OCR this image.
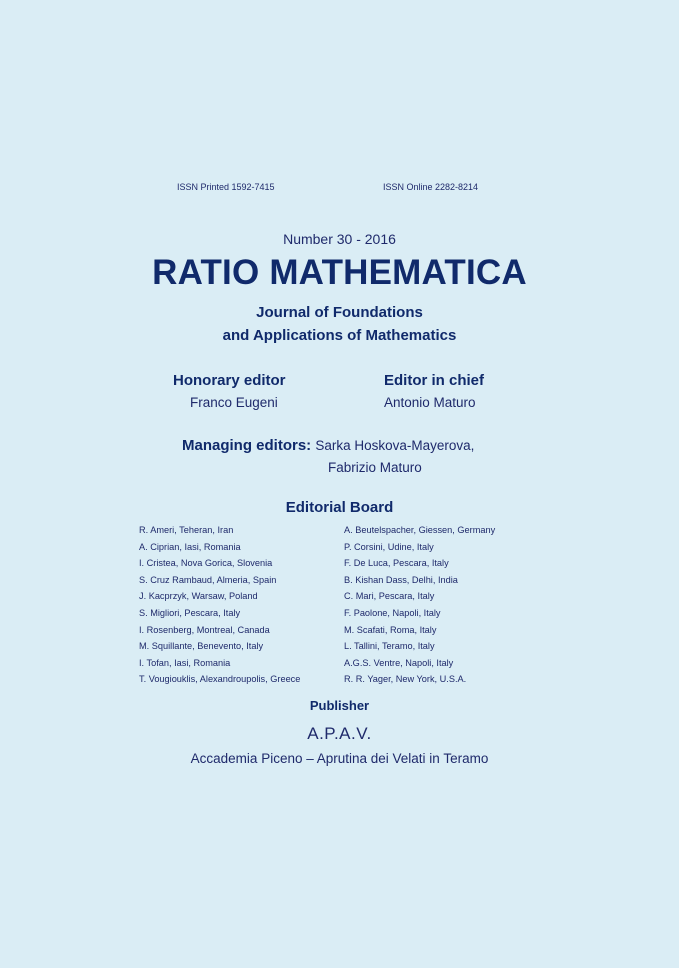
ISSN Printed 1592-7415	ISSN Online 2282-8214
Number 30 - 2016
RATIO MATHEMATICA
Journal of Foundations
and Applications of Mathematics
Honorary editor
Franco Eugeni
Editor in chief
Antonio Maturo
Managing editors: Sarka Hoskova-Mayerova,
Fabrizio Maturo
Editorial Board
R. Ameri, Teheran, Iran
A. Ciprian, Iasi, Romania
I. Cristea, Nova Gorica, Slovenia
S. Cruz Rambaud, Almeria, Spain
J. Kacprzyk, Warsaw, Poland
S. Migliori, Pescara, Italy
I. Rosenberg, Montreal, Canada
M. Squillante, Benevento, Italy
I. Tofan, Iasi, Romania
T. Vougiouklis, Alexandroupolis, Greece
A. Beutelspacher, Giessen, Germany
P. Corsini, Udine, Italy
F. De Luca, Pescara, Italy
B. Kishan Dass, Delhi, India
C. Mari, Pescara, Italy
F. Paolone, Napoli, Italy
M. Scafati, Roma, Italy
L. Tallini, Teramo, Italy
A.G.S. Ventre, Napoli, Italy
R. R. Yager, New York, U.S.A.
Publisher
A.P.A.V.
Accademia Piceno – Aprutina dei Velati in Teramo
